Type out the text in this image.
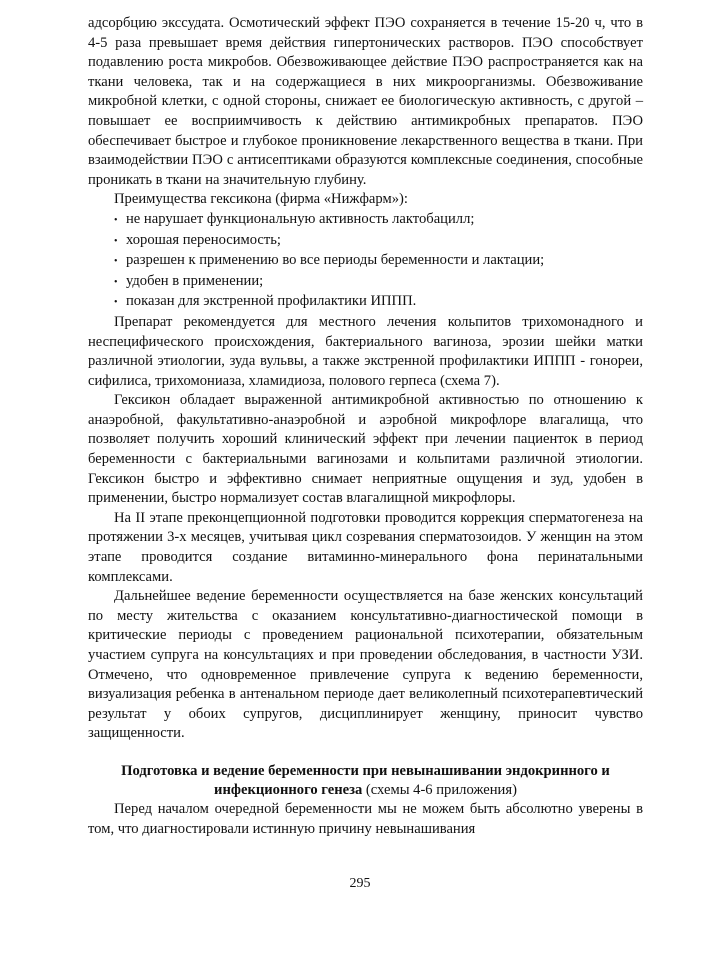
адсорбцию экссудата. Осмотический эффект ПЭО сохраняется в течение 15-20 ч, что в 4-5 раза превышает время действия гипертонических растворов. ПЭО способствует подавлению роста микробов. Обезвоживающее действие ПЭО распространяется как на ткани человека, так и на содержащиеся в них микроорганизмы. Обезвоживание микробной клетки, с одной стороны, снижает ее биологическую активность, с другой – повышает ее восприимчивость к действию антимикробных препаратов. ПЭО обеспечивает быстрое и глубокое проникновение лекарственного вещества в ткани. При взаимодействии ПЭО с антисептиками образуются комплексные соединения, способные проникать в ткани на значительную глубину.

Преимущества гексикона (фирма «Нижфарм»):

• не нарушает функциональную активность лактобацилл;
• хорошая переносимость;
• разрешен к применению во все периоды беременности и лактации;
• удобен в применении;
• показан для экстренной профилактики ИППП.

Препарат рекомендуется для местного лечения кольпитов трихомонадного и неспецифического происхождения, бактериального вагиноза, эрозии шейки матки различной этиологии, зуда вульвы, а также экстренной профилактики ИППП - гонореи, сифилиса, трихомониаза, хламидиоза, полового герпеса (схема 7).

Гексикон обладает выраженной антимикробной активностью по отношению к анаэробной, факультативно-анаэробной и аэробной микрофлоре влагалища, что позволяет получить хороший клинический эффект при лечении пациенток в период беременности с бактериальными вагинозами и кольпитами различной этиологии. Гексикон быстро и эффективно снимает неприятные ощущения и зуд, удобен в применении, быстро нормализует состав влагалищной микрофлоры.

На II этапе преконцепционной подготовки проводится коррекция сперматогенеза на протяжении 3-х месяцев, учитывая цикл созревания сперматозоидов. У женщин на этом этапе проводится создание витаминно-минерального фона перинатальными комплексами.

Дальнейшее ведение беременности осуществляется на базе женских консультаций по месту жительства с оказанием консультативно-диагностической помощи в критические периоды с проведением рациональной психотерапии, обязательным участием супруга на консультациях и при проведении обследования, в частности УЗИ. Отмечено, что одновременное привлечение супруга к ведению беременности, визуализация ребенка в антенальном периоде дает великолепный психотерапевтический результат у обоих супругов, дисциплинирует женщину, приносит чувство защищенности.

Подготовка и ведение беременности при невынашивании эндокринного и инфекционного генеза (схемы 4-6 приложения)

Перед началом очередной беременности мы не можем быть абсолютно уверены в том, что диагностировали истинную причину невынашивания

295
